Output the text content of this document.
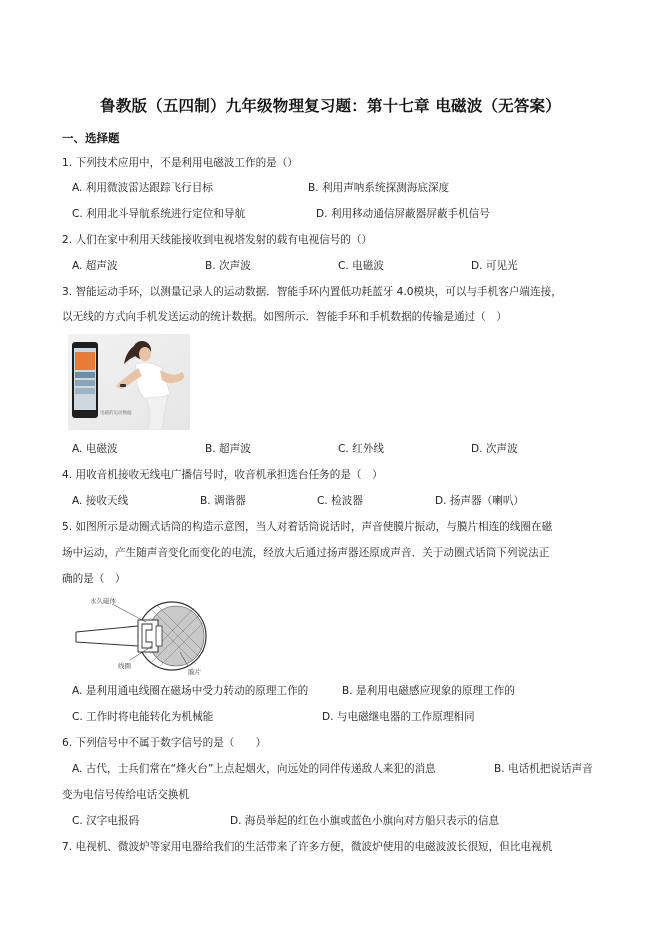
鲁教版（五四制）九年级物理复习题：第十七章 电磁波（无答案）
一、选择题
1. 下列技术应用中，不是利用电磁波工作的是（）
A. 利用微波雷达跟踪飞行目标	B. 利用声呐系统探测海底深度
C. 利用北斗导航系统进行定位和导航	D. 利用移动通信屏蔽器屏蔽手机信号
2. 人们在家中利用天线能接收到电视塔发射的载有电视信号的（）
A. 超声波	B. 次声波	C. 电磁波	D. 可见光
3. 智能运动手环，以测量记录人的运动数据．智能手环内置低功耗蓝牙 4.0模块，可以与手机客户端连接，
以无线的方式向手机发送运动的统计数据。如图所示．智能手环和手机数据的传输是通过（　）
电磁的运动数据
A. 电磁波	B. 超声波	C. 红外线	D. 次声波
4. 用收音机接收无线电广播信号时，收音机承担选台任务的是（　）
A. 接收天线	B. 调谐器	C. 检波器	D. 扬声器（喇叭）
5. 如图所示是动圈式话筒的构造示意图，当人对着话筒说话时，声音使膜片振动，与膜片相连的线圈在磁
场中运动，产生随声音变化而变化的电流，经放大后通过扬声器还原成声音．关于动圈式话筒下列说法正
确的是（　）
永久磁体
线圈
膜片
A. 是利用通电线圈在磁场中受力转动的原理工作的	B. 是利用电磁感应现象的原理工作的
C. 工作时将电能转化为机械能	D. 与电磁继电器的工作原理相同
6. 下列信号中不属于数字信号的是（　　）
A. 古代，士兵们常在“烽火台”上点起烟火，向远处的同伴传递敌人来犯的消息	B. 电话机把说话声音
变为电信号传给电话交换机
C. 汉字电报码	D. 海员举起的红色小旗或蓝色小旗向对方船只表示的信息
7. 电视机、微波炉等家用电器给我们的生活带来了许多方便，微波炉使用的电磁波波长很短，但比电视机
